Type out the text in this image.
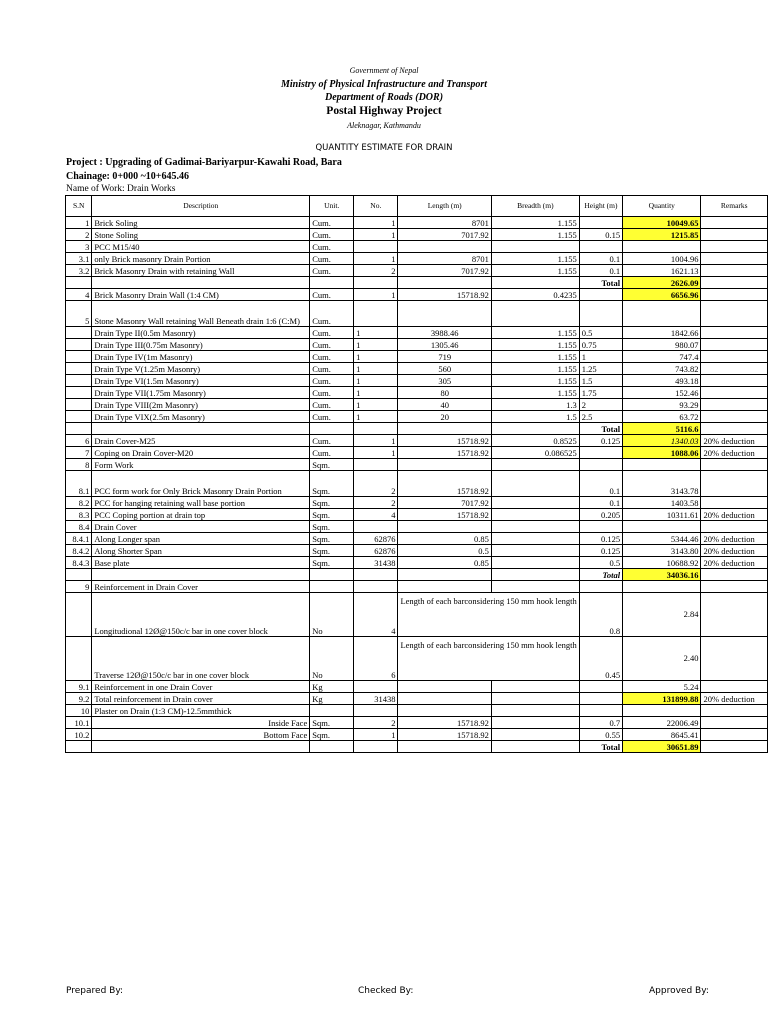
Government of Nepal
Ministry of Physical Infrastructure and Transport
Department of Roads (DOR)
Postal Highway Project
Aleknagar, Kathmandu
QUANTITY ESTIMATE FOR DRAIN
Project : Upgrading of Gadimai-Bariyarpur-Kawahi Road, Bara
Chainage: 0+000 ~10+645.46
Name of Work: Drain Works
S.N	Description	Unit.	No.	Length (m)	Breadth (m)	Height (m)	Quantity	Remarks
1	Brick Soling	Cum.	1	8701	1.155		10049.65	
2	Stone Soling	Cum.	1	7017.92	1.155	0.15	1215.85	
3	PCC M15/40	Cum.						
3.1	only Brick masonry Drain Portion	Cum.	1	8701	1.155	0.1	1004.96	
3.2	Brick Masonry Drain with retaining Wall	Cum.	2	7017.92	1.155	0.1	1621.13	
						Total	2626.09	
4	Brick Masonry Drain Wall (1:4 CM)	Cum.	1	15718.92	0.4235		6656.96	
5	Stone Masonry Wall retaining Wall Beneath drain 1:6 (C:M)	Cum.						
	Drain Type II(0.5m Masonry)	Cum.	1	3988.46	1.155	0.5	1842.66	
	Drain Type III(0.75m Masonry)	Cum.	1	1305.46	1.155	0.75	980.07	
	Drain Type IV(1m Masonry)	Cum.	1	719	1.155	1	747.4	
	Drain Type V(1.25m Masonry)	Cum.	1	560	1.155	1.25	743.82	
	Drain Type VI(1.5m Masonry)	Cum.	1	305	1.155	1.5	493.18	
	Drain Type VII(1.75m Masonry)	Cum.	1	80	1.155	1.75	152.46	
	Drain Type VIII(2m Masonry)	Cum.	1	40	1.3	2	93.29	
	Drain Type VIX(2.5m Masonry)	Cum.	1	20	1.5	2.5	63.72	
						Total	5116.6	
6	Drain Cover-M25	Cum.	1	15718.92	0.8525	0.125	1340.03	20% deduction
7	Coping on Drain Cover-M20	Cum.	1	15718.92	0.086525		1088.06	20% deduction
8	Form Work	Sqm.						
8.1	PCC form work for Only Brick Masonry Drain Portion	Sqm.	2	15718.92		0.1	3143.78	
8.2	PCC for hanging retaining wall base portion	Sqm.	2	7017.92		0.1	1403.58	
8.3	PCC Coping portion at drain top	Sqm.	4	15718.92		0.205	10311.61	20% deduction
8.4	Drain Cover	Sqm.						
8.4.1	Along Longer span	Sqm.	62876	0.85		0.125	5344.46	20% deduction
8.4.2	Along Shorter Span	Sqm.	62876	0.5		0.125	3143.80	20% deduction
8.4.3	Base plate	Sqm.	31438	0.85		0.5	10688.92	20% deduction
						Total	34036.16	
9	Reinforcement in Drain Cover							
	Longitudional 12Ø@150c/c bar in one cover block	No	4	Length of each barconsidering 150 mm hook length		0.8	2.84	
	Traverse 12Ø@150c/c bar in one cover block	No	6	Length of each barconsidering 150 mm hook length		0.45	2.40	
9.1	Reinforcement in one Drain Cover	Kg					5.24	
9.2	Total reinforcement in Drain cover	Kg	31438				131899.88	20% deduction
10	Plaster on Drain (1:3 CM)-12.5mmthick							
10.1	Inside Face	Sqm.	2	15718.92		0.7	22006.49	
10.2	Bottom Face	Sqm.	1	15718.92		0.55	8645.41	
						Total	30651.89	
Prepared By:	Checked By:	Approved By:
